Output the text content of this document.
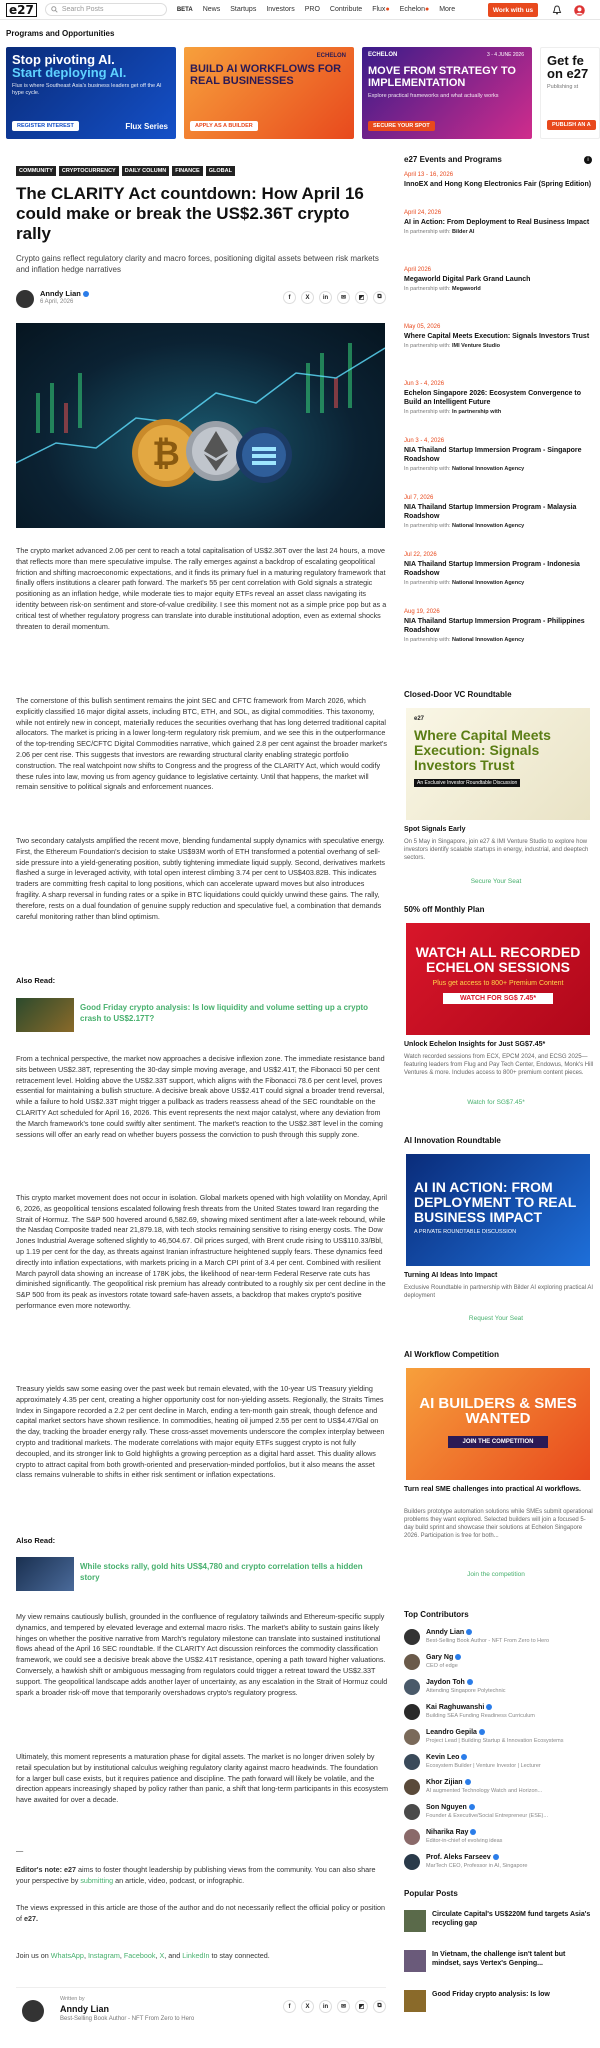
e27	Search Posts	BETA News Startups Investors PRO Contribute Flux● Echelon● More	Work with us
Programs and Opportunities
Stop pivoting AI.
Start deploying AI.
Flux is where Southeast Asia's business leaders get off the AI hype cycle.
REGISTER INTEREST	Flux Series
ECHELON
BUILD AI WORKFLOWS FOR REAL BUSINESSES
APPLY AS A BUILDER
ECHELON	3 - 4 JUNE 2026
MOVE FROM STRATEGY TO IMPLEMENTATION
Explore practical frameworks and what actually works
SECURE YOUR SPOT
Get fe on e27
Publishing st
PUBLISH AN A
COMMUNITY	CRYPTOCURRENCY	DAILY COLUMN	FINANCE	GLOBAL
The CLARITY Act countdown: How April 16 could make or break the US$2.36T crypto rally
Crypto gains reflect regulatory clarity and macro forces, positioning digital assets between risk markets and inflation hedge narratives
Anndy Lian
6 April, 2026
f	X	in	✉	◩	⧉
₿
The crypto market advanced 2.06 per cent to reach a total capitalisation of US$2.36T over the last 24 hours, a move that reflects more than mere speculative impulse. The rally emerges against a backdrop of escalating geopolitical friction and shifting macroeconomic expectations, and it finds its primary fuel in a maturing regulatory framework that finally offers institutions a clearer path forward. The market's 55 per cent correlation with Gold signals a strategic positioning as an inflation hedge, while moderate ties to major equity ETFs reveal an asset class navigating its identity between risk-on sentiment and store-of-value credibility. I see this moment not as a simple price pop but as a critical test of whether regulatory progress can translate into durable institutional adoption, even as external shocks threaten to derail momentum.
The cornerstone of this bullish sentiment remains the joint SEC and CFTC framework from March 2026, which explicitly classified 16 major digital assets, including BTC, ETH, and SOL, as digital commodities. This taxonomy, while not entirely new in concept, materially reduces the securities overhang that has long deterred traditional capital allocators. The market is pricing in a lower long-term regulatory risk premium, and we see this in the outperformance of the top-trending SEC/CFTC Digital Commodities narrative, which gained 2.8 per cent against the broader market's 2.06 per cent rise. This suggests that investors are rewarding structural clarity enabling strategic portfolio construction. The real watchpoint now shifts to Congress and the progress of the CLARITY Act, which would codify these rules into law, moving us from agency guidance to legislative certainty. Until that happens, the market will remain sensitive to political signals and enforcement nuances.
Two secondary catalysts amplified the recent move, blending fundamental supply dynamics with speculative energy. First, the Ethereum Foundation's decision to stake US$93M worth of ETH transformed a potential overhang of sell-side pressure into a yield-generating position, subtly tightening immediate liquid supply. Second, derivatives markets flashed a surge in leveraged activity, with total open interest climbing 3.74 per cent to US$403.82B. This indicates traders are committing fresh capital to long positions, which can accelerate upward moves but also introduces fragility. A sharp reversal in funding rates or a spike in BTC liquidations could quickly unwind these gains. The rally, therefore, rests on a dual foundation of genuine supply reduction and speculative fuel, a combination that demands careful monitoring rather than blind optimism.
Also Read:
Good Friday crypto analysis: Is low liquidity and volume setting up a crypto crash to US$2.17T?
From a technical perspective, the market now approaches a decisive inflexion zone. The immediate resistance band sits between US$2.38T, representing the 30-day simple moving average, and US$2.41T, the Fibonacci 50 per cent retracement level. Holding above the US$2.33T support, which aligns with the Fibonacci 78.6 per cent level, proves essential for maintaining a bullish structure. A decisive break above US$2.41T could signal a broader trend reversal, while a failure to hold US$2.33T might trigger a pullback as traders reassess ahead of the SEC roundtable on the CLARITY Act scheduled for April 16, 2026. This event represents the next major catalyst, where any deviation from the March framework's tone could swiftly alter sentiment. The market's reaction to the US$2.38T level in the coming sessions will offer an early read on whether buyers possess the conviction to push through this supply zone.
This crypto market movement does not occur in isolation. Global markets opened with high volatility on Monday, April 6, 2026, as geopolitical tensions escalated following fresh threats from the United States toward Iran regarding the Strait of Hormuz. The S&P 500 hovered around 6,582.69, showing mixed sentiment after a late-week rebound, while the Nasdaq Composite traded near 21,879.18, with tech stocks remaining sensitive to rising energy costs. The Dow Jones Industrial Average softened slightly to 46,504.67. Oil prices surged, with Brent crude rising to US$110.33/Bbl, up 1.19 per cent for the day, as threats against Iranian infrastructure heightened supply fears. These dynamics feed directly into inflation expectations, with markets pricing in a March CPI print of 3.4 per cent. Combined with resilient March payroll data showing an increase of 178K jobs, the likelihood of near-term Federal Reserve rate cuts has diminished significantly. The geopolitical risk premium has already contributed to a roughly six per cent decline in the S&P 500 from its peak as investors rotate toward safe-haven assets, a backdrop that makes crypto's positive performance even more noteworthy.
Treasury yields saw some easing over the past week but remain elevated, with the 10-year US Treasury yielding approximately 4.35 per cent, creating a higher opportunity cost for non-yielding assets. Regionally, the Straits Times Index in Singapore recorded a 2.2 per cent decline in March, ending a ten-month gain streak, though defence and capital market sectors have shown resilience. In commodities, heating oil jumped 2.55 per cent to US$4.47/Gal on the day, tracking the broader energy rally. These cross-asset movements underscore the complex interplay between crypto and traditional markets. The moderate correlations with major equity ETFs suggest crypto is not fully decoupled, and its stronger link to Gold highlights a growing perception as a digital hard asset. This duality allows crypto to attract capital from both growth-oriented and preservation-minded portfolios, but it also means the asset class remains vulnerable to shifts in either risk sentiment or inflation expectations.
Also Read:
While stocks rally, gold hits US$4,780 and crypto correlation tells a hidden story
My view remains cautiously bullish, grounded in the confluence of regulatory tailwinds and Ethereum-specific supply dynamics, and tempered by elevated leverage and external macro risks. The market's ability to sustain gains likely hinges on whether the positive narrative from March's regulatory milestone can translate into sustained institutional flows ahead of the April 16 SEC roundtable. If the CLARITY Act discussion reinforces the commodity classification framework, we could see a decisive break above the US$2.41T resistance, opening a path toward higher valuations. Conversely, a hawkish shift or ambiguous messaging from regulators could trigger a retreat toward the US$2.33T support. The geopolitical landscape adds another layer of uncertainty, as any escalation in the Strait of Hormuz could spark a broader risk-off move that temporarily overshadows crypto's regulatory progress.
Ultimately, this moment represents a maturation phase for digital assets. The market is no longer driven solely by retail speculation but by institutional calculus weighing regulatory clarity against macro headwinds. The foundation for a larger bull case exists, but it requires patience and discipline. The path forward will likely be volatile, and the direction appears increasingly shaped by policy rather than panic, a shift that long-term participants in this ecosystem have awaited for over a decade.
—
Editor's note: e27 aims to foster thought leadership by publishing views from the community. You can also share your perspective by submitting an article, video, podcast, or infographic.
The views expressed in this article are those of the author and do not necessarily reflect the official policy or position of e27.
Join us on WhatsApp, Instagram, Facebook, X, and LinkedIn to stay connected.
Written by
Anndy Lian
Best-Selling Book Author - NFT From Zero to Hero
f	X	in	✉	◩	⧉
e27 Events and Programs	i
April 13 - 16, 2026
InnoEX and Hong Kong Electronics Fair (Spring Edition)
April 24, 2026
AI in Action: From Deployment to Real Business Impact
In partnership with: Bilder AI
April 2026
Megaworld Digital Park Grand Launch
In partnership with: Megaworld
May 05, 2026
Where Capital Meets Execution: Signals Investors Trust
In partnership with: IMI Venture Studio
Jun 3 - 4, 2026
Echelon Singapore 2026: Ecosystem Convergence to Build an Intelligent Future
In partnership with: In partnership with
Jun 3 - 4, 2026
NIA Thailand Startup Immersion Program - Singapore Roadshow
In partnership with: National Innovation Agency
Jul 7, 2026
NIA Thailand Startup Immersion Program - Malaysia Roadshow
In partnership with: National Innovation Agency
Jul 22, 2026
NIA Thailand Startup Immersion Program - Indonesia Roadshow
In partnership with: National Innovation Agency
Aug 19, 2026
NIA Thailand Startup Immersion Program - Philippines Roadshow
In partnership with: National Innovation Agency
Closed-Door VC Roundtable
e27
Where Capital Meets Execution: Signals Investors Trust
An Exclusive Investor Roundtable Discussion
Spot Signals Early
On 5 May in Singapore, join e27 & IMI Venture Studio to explore how investors identify scalable startups in energy, industrial, and deeptech sectors.
Secure Your Seat
50% off Monthly Plan
WATCH ALL RECORDED ECHELON SESSIONS
Plus get access to 800+ Premium Content
WATCH FOR SG$ 7.45*
Unlock Echelon Insights for Just SG$7.45*
Watch recorded sessions from ECX, EPCM 2024, and ECSG 2025—featuring leaders from Flug and Pay Tech Center, Endowus, Monk's Hill Ventures & more. Includes access to 800+ premium content pieces.
Watch for SG$7.45*
AI Innovation Roundtable
AI IN ACTION: FROM DEPLOYMENT TO REAL BUSINESS IMPACT
A PRIVATE ROUNDTABLE DISCUSSION
Turning AI Ideas Into Impact
Exclusive Roundtable in partnership with Bilder AI exploring practical AI deployment
Request Your Seat
AI Workflow Competition
AI BUILDERS & SMES WANTED
JOIN THE COMPETITION
Turn real SME challenges into practical AI workflows.
Builders prototype automation solutions while SMEs submit operational problems they want explored. Selected builders will join a focused 5-day build sprint and showcase their solutions at Echelon Singapore 2026. Participation is free for both...
Join the competition
Top Contributors
Anndy Lian
Best-Selling Book Author - NFT From Zero to Hero
Gary Ng
CEO of edge
Jaydon Toh
Attending Singapore Polytechnic
Kai Raghuwanshi
Building SEA Funding Readiness Curriculum
Leandro Gepila
Project Lead | Building Startup & Innovation Ecosystems
Kevin Leo
Ecosystem Builder | Venture Investor | Lecturer
Khor Zijian
AI augmented Technology Watch and Horizon...
Son Nguyen
Founder & Executive/Social Entrepreneur (ESE)...
Niharika Ray
Editor-in-chief of evolving ideas
Prof. Aleks Farseev
MarTech CEO, Professor in AI, Singapore
Popular Posts
Circulate Capital's US$220M fund targets Asia's recycling gap
In Vietnam, the challenge isn't talent but mindset, says Vertex's Genping...
Good Friday crypto analysis: Is low
